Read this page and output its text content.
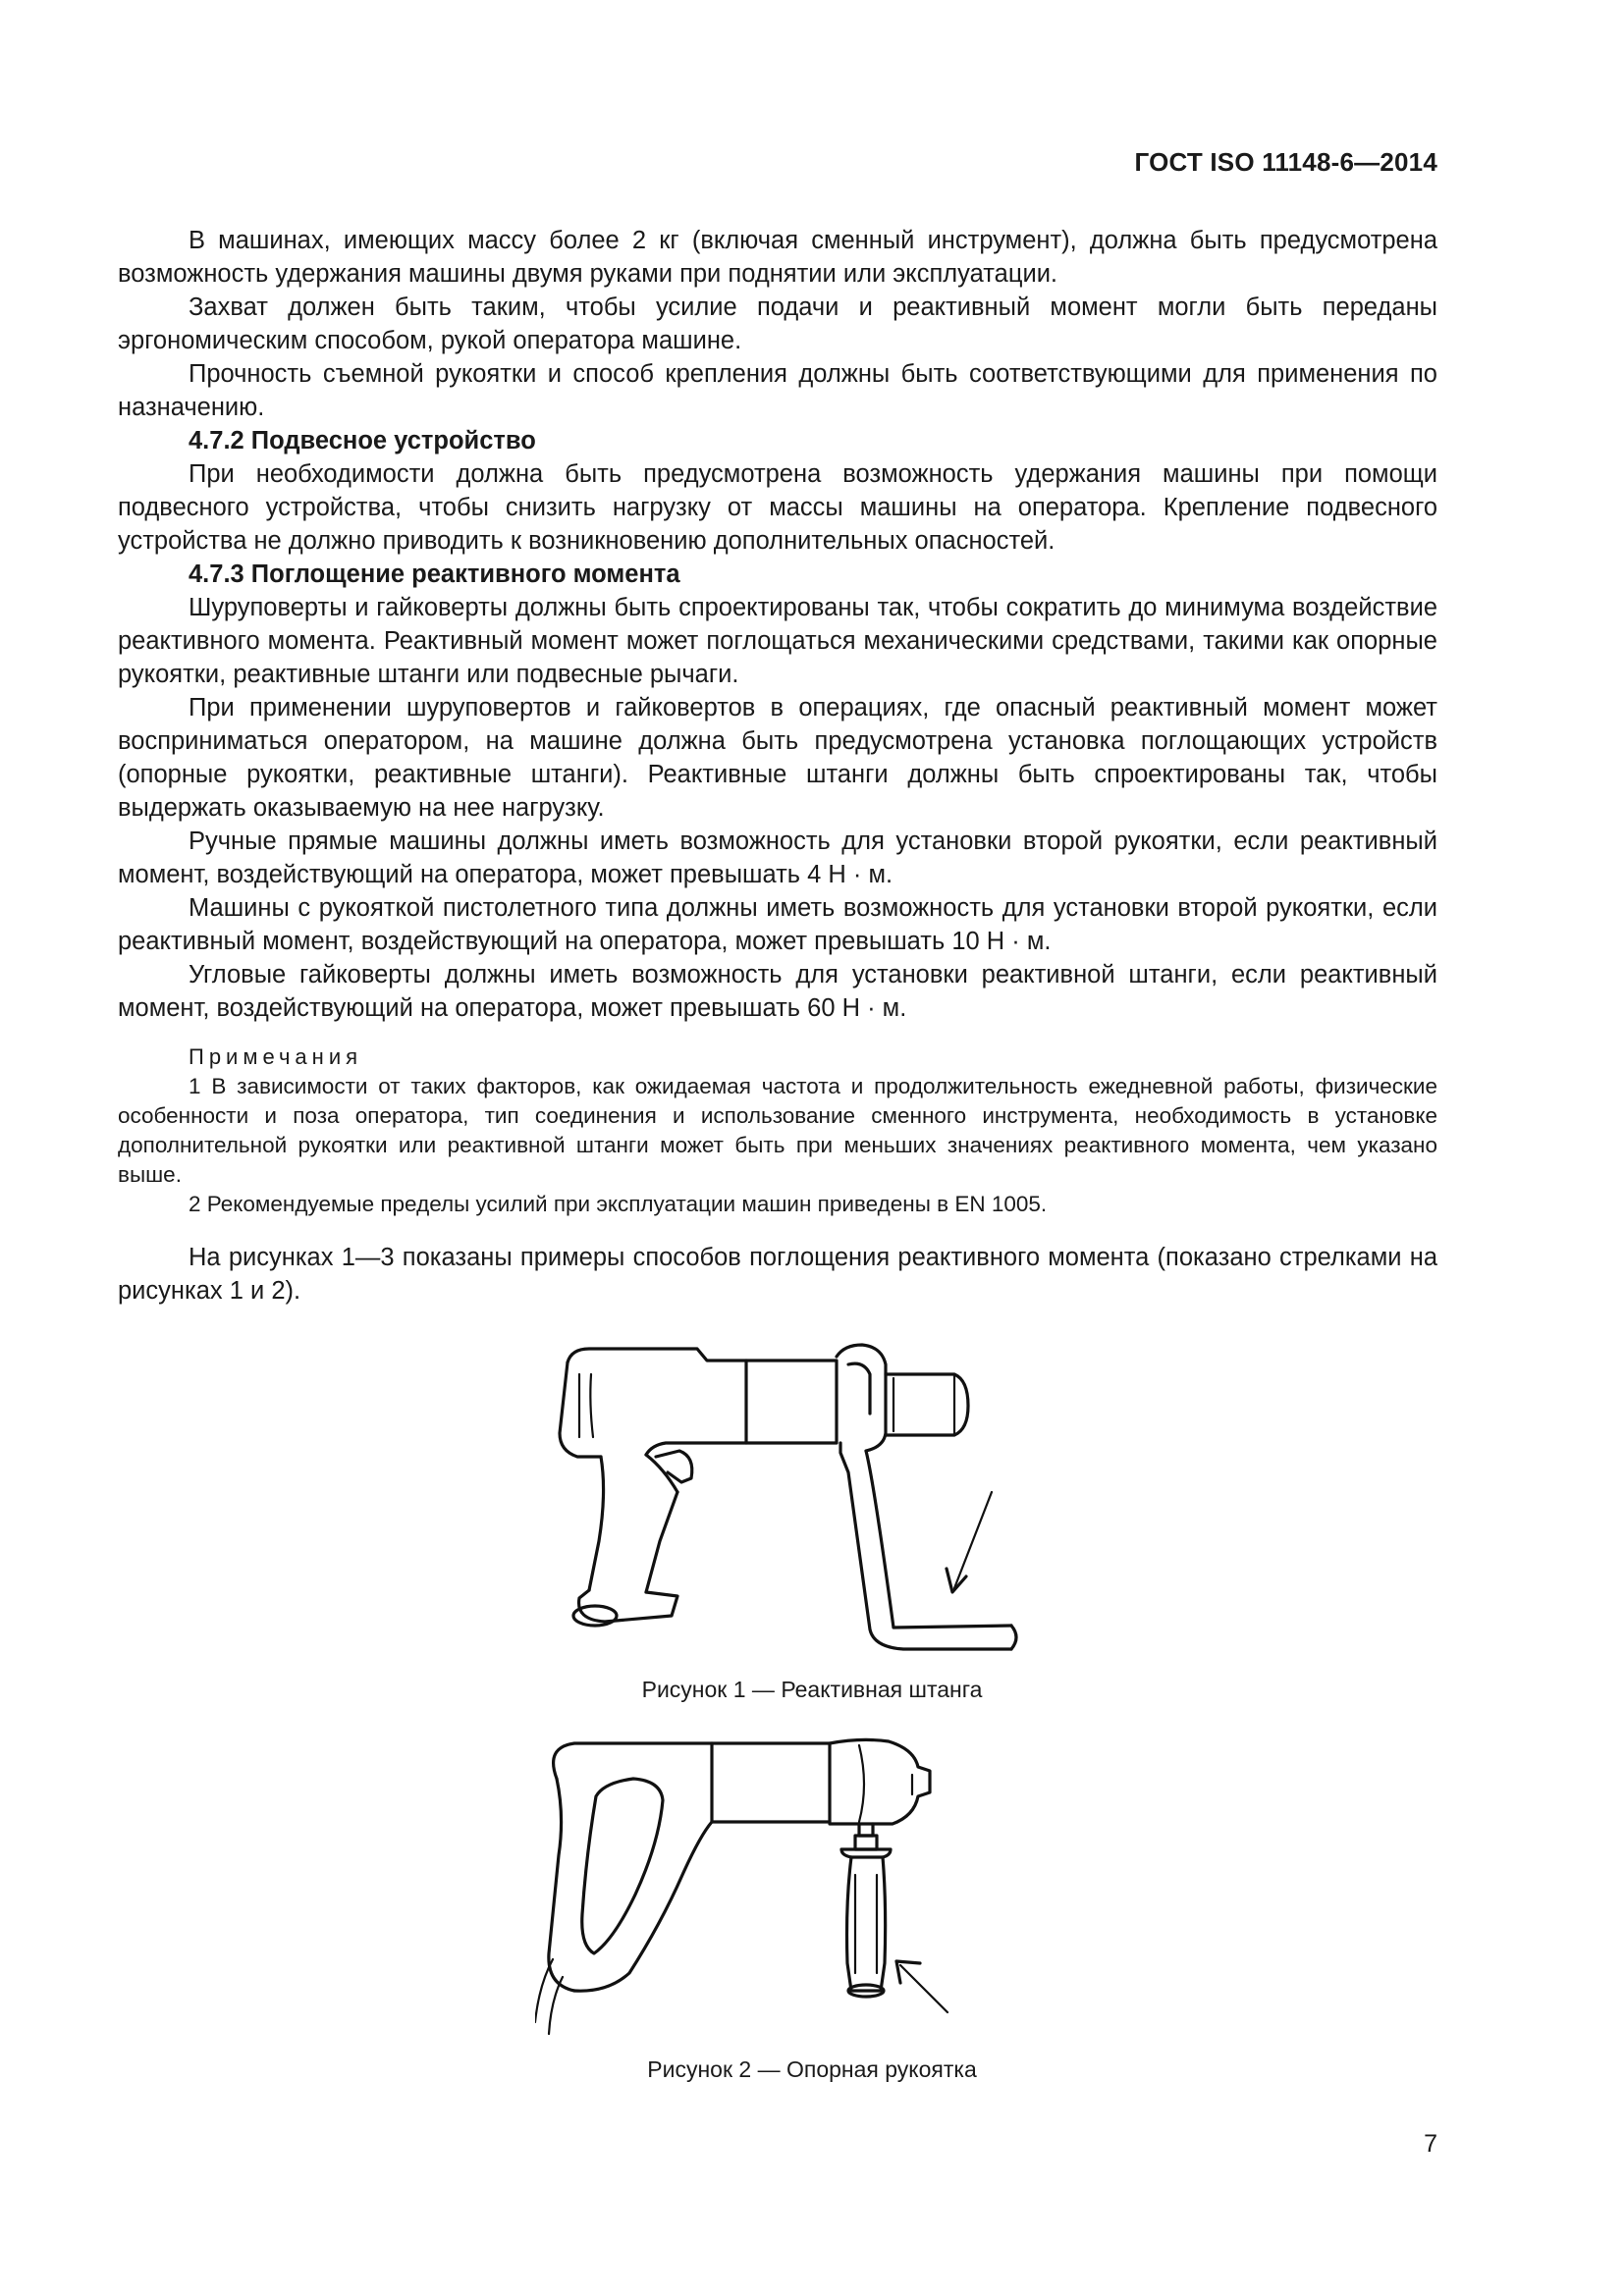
ГОСТ ISO 11148-6—2014

В машинах, имеющих массу более 2 кг (включая сменный инструмент), должна быть предусмотрена возможность удержания машины двумя руками при поднятии или эксплуатации.

Захват должен быть таким, чтобы усилие подачи и реактивный момент могли быть переданы эргономическим способом, рукой оператора машине.

Прочность съемной рукоятки и способ крепления должны быть соответствующими для применения по назначению.

4.7.2 Подвесное устройство

При необходимости должна быть предусмотрена возможность удержания машины при помощи подвесного устройства, чтобы снизить нагрузку от массы машины на оператора. Крепление подвесного устройства не должно приводить к возникновению дополнительных опасностей.

4.7.3 Поглощение реактивного момента

Шуруповерты и гайковерты должны быть спроектированы так, чтобы сократить до минимума воздействие реактивного момента. Реактивный момент может поглощаться механическими средствами, такими как опорные рукоятки, реактивные штанги или подвесные рычаги.

При применении шуруповертов и гайковертов в операциях, где опасный реактивный момент может восприниматься оператором, на машине должна быть предусмотрена установка поглощающих устройств (опорные рукоятки, реактивные штанги). Реактивные штанги должны быть спроектированы так, чтобы выдержать оказываемую на нее нагрузку.

Ручные прямые машины должны иметь возможность для установки второй рукоятки, если реактивный момент, воздействующий на оператора, может превышать 4 Н · м.

Машины с рукояткой пистолетного типа должны иметь возможность для установки второй рукоятки, если реактивный момент, воздействующий на оператора, может превышать 10 Н · м.

Угловые гайковерты должны иметь возможность для установки реактивной штанги, если реактивный момент, воздействующий на оператора, может превышать 60 Н · м.

Примечания

1 В зависимости от таких факторов, как ожидаемая частота и продолжительность ежедневной работы, физические особенности и поза оператора, тип соединения и использование сменного инструмента, необходимость в установке дополнительной рукоятки или реактивной штанги может быть при меньших значениях реактивного момента, чем указано выше.

2 Рекомендуемые пределы усилий при эксплуатации машин приведены в EN 1005.

На рисунках 1—3 показаны примеры способов поглощения реактивного момента (показано стрелками на рисунках 1 и 2).

Рисунок 1 — Реактивная штанга
Рисунок 2 — Опорная рукоятка
7
